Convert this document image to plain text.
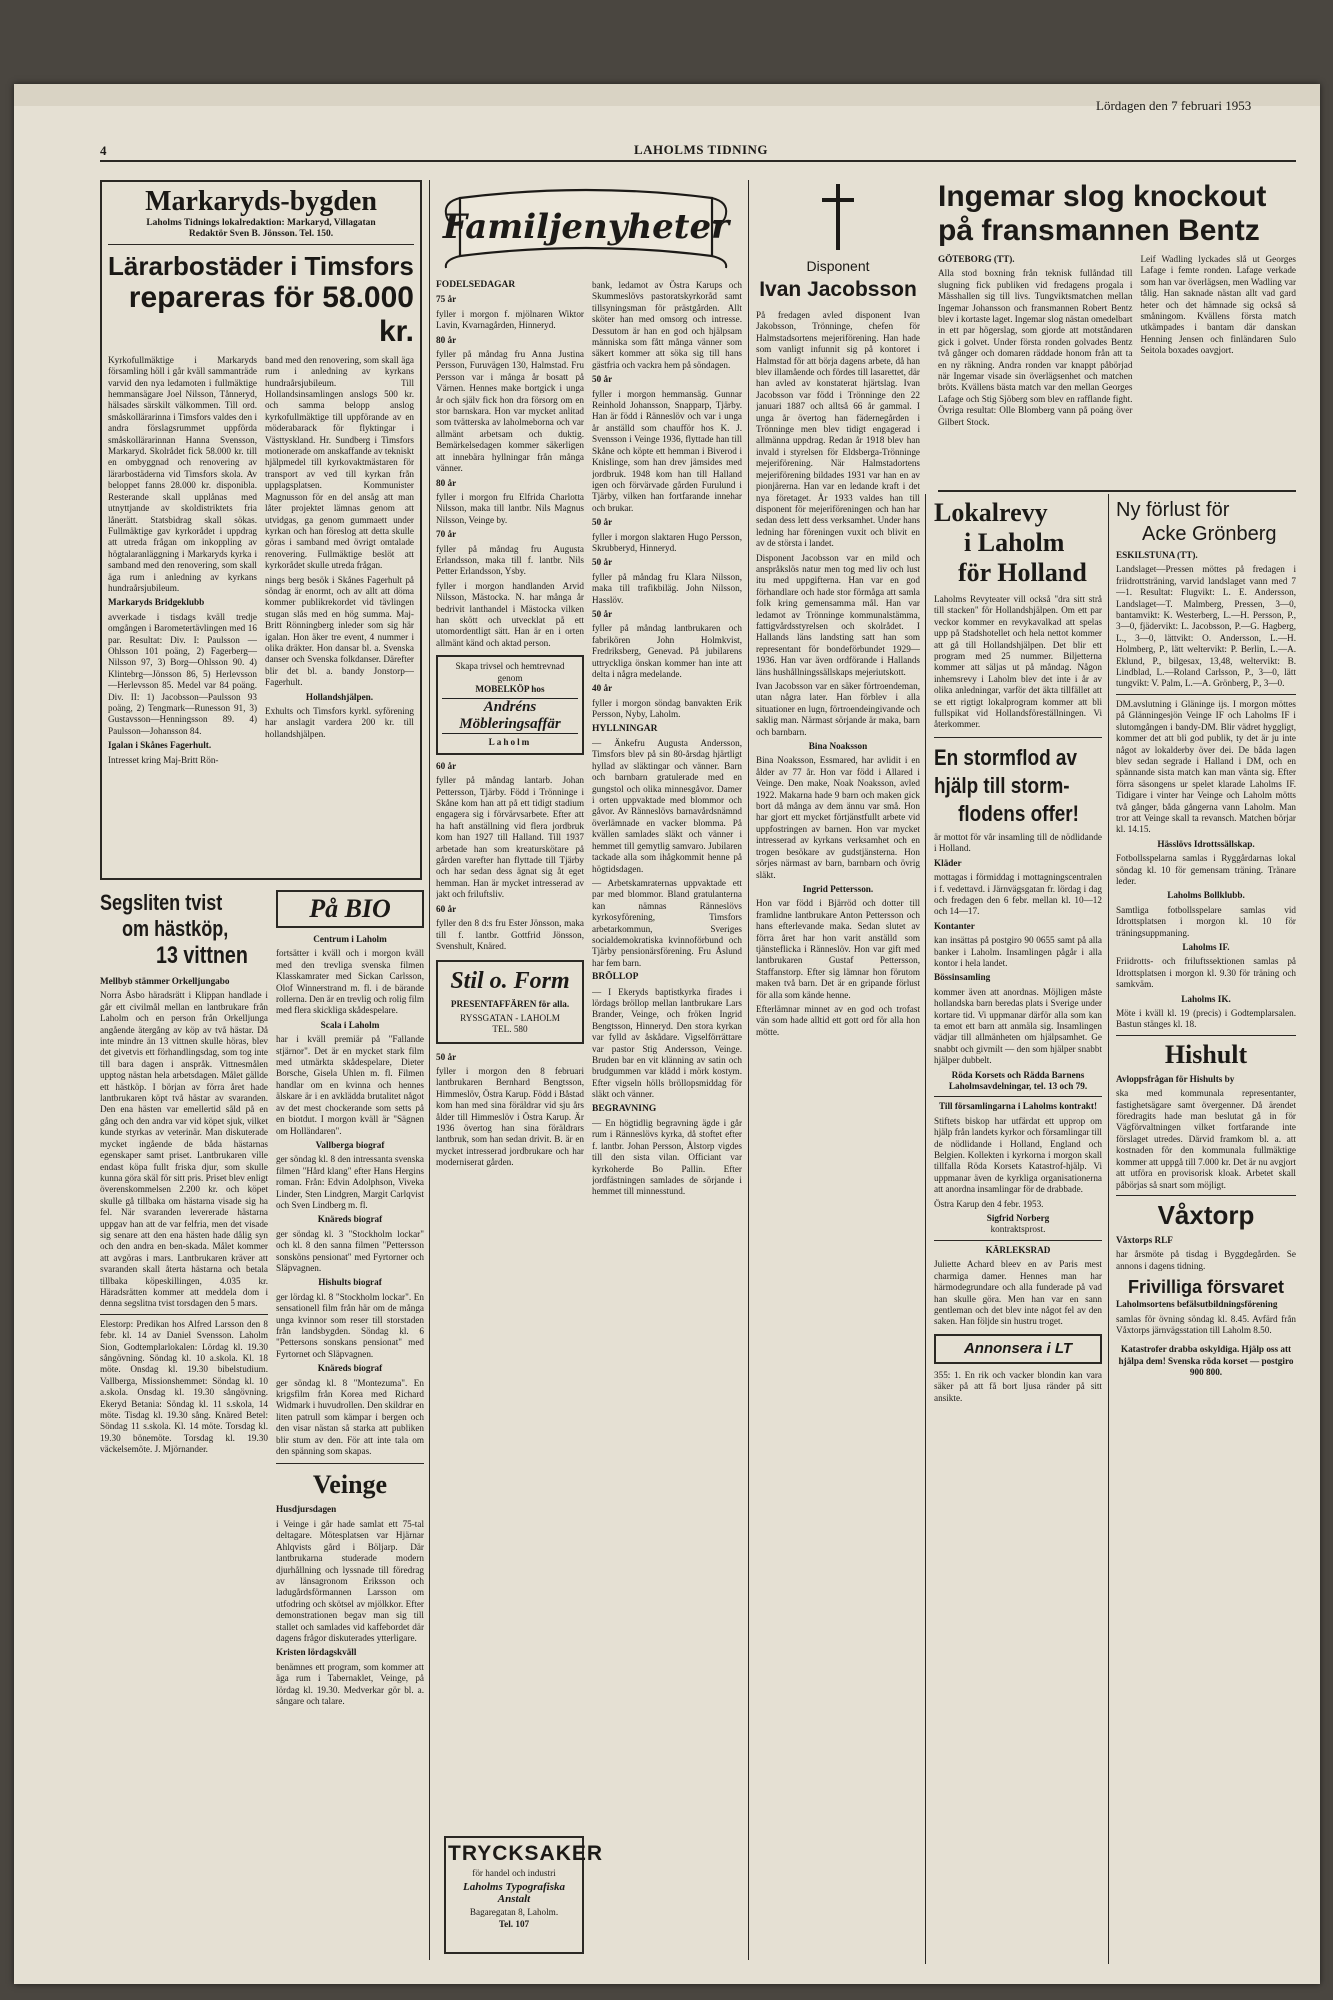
Lördagen den 7 februari 1953
LAHOLMS TIDNING
4
Markaryds-bygden
Laholms Tidnings lokalredaktion: Markaryd, Villagatan
Redaktör Sven B. Jönsson. Tel. 150.
Lärarbostäder i Timsfors
repareras för 58.000 kr.

Kyrkofullmäktige i Markaryds församling höll i går kväll sammanträde varvid den nya ledamoten i fullmäktige hemmansägare Joel Nilsson, Tånneryd, hälsades särskilt välkommen. Till ord. småskollärarinna i Timsfors valdes den i andra förslagsrummet uppförda småskollärarinnan Hanna Svensson, Markaryd. Skolrådet fick 58.000 kr. till en ombyggnad och renovering av lärarbostäderna vid Timsfors skola. Av beloppet fanns 28.000 kr. disponibla. Resterande skall upplånas med utnyttjande av skoldistriktets fria lånerätt. Statsbidrag skall sökas. Fullmäktige gav kyrkorådet i uppdrag att utreda frågan om inkoppling av högtalaranläggning i Markaryds kyrka i samband med den renovering, som skall äga rum i anledning av kyrkans hundraårsjubileum.

Markaryds Bridgeklubb

avverkade i tisdags kväll tredje omgången i Barometertävlingen med 16 par. Resultat: Div. I: Paulsson —Ohlsson 101 poäng, 2) Fagerberg—Nilsson 97, 3) Borg—Ohlsson 90. 4) Klintebrg—Jönsson 86, 5) Herlevsson—Herlevsson 85. Medel var 84 poäng. Div. II: 1) Jacobsson—Paulsson 93 poäng, 2) Tengmark—Runesson 91, 3) Gustavsson—Henningsson 89. 4) Paulsson—Johansson 84.

Igalan i Skånes Fagerhult.

Intresset kring Maj-Britt Rön-

band med den renovering, som skall äga rum i anledning av kyrkans hundraårsjubileum. Till Hollandsinsamlingen anslogs 500 kr. och samma belopp anslog kyrkofullmäktige till uppförande av en möderabarack för flyktingar i Västtyskland. Hr. Sundberg i Timsfors motionerade om anskaffande av tekniskt hjälpmedel till kyrkovaktmästaren för transport av ved till kyrkan från upplagsplatsen. Kommunister Magnusson för en del ansåg att man låter projektet lämnas genom att utvidgas, ga genom gummaett under kyrkan och han föreslog att detta skulle göras i samband med övrigt omtalade renovering. Fullmäktige beslöt att kyrkorådet skulle utreda frågan.

nings berg besök i Skånes Fagerhult på söndag är enormt, och av allt att döma kommer publikrekordet vid tävlingen stugan slås med en hög summa. Maj-Britt Rönningberg inleder som sig här igalan. Hon äker tre event, 4 nummer i olika dräkter. Hon dansar bl. a. Svenska danser och Svenska folkdanser. Därefter blir det bl. a. bandy Jonstorp—Fagerhult.

Hollandshjälpen.

Exhults och Timsfors kyrkl. syförening har anslagit vardera 200 kr. till hollandshjälpen.

Segsliten tvist
om hästköp,
13 vittnen

Mellbyb stämmer Orkelljungabo

Norra Åsbo häradsrätt i Klippan handlade i går ett civilmål mellan en lantbrukare från Laholm och en person från Orkelljunga angående ätergång av köp av två hästar. Då inte mindre än 13 vittnen skulle höras, blev det givetvis ett förhandlingsdag, som tog inte till bara dagen i anspråk. Vittnesmålen upptog nästan hela arbetsdagen. Målet gällde ett hästköp. I början av förra året hade lantbrukaren köpt två hästar av svaranden. Den ena hästen var emellertid såld på en gång och den andra var vid köpet sjuk, vilket kunde styrkas av veterinär. Man diskuterade mycket ingående de båda hästarnas egenskaper samt priset. Lantbrukaren ville endast köpa fullt friska djur, som skulle kunna göra skäl för sitt pris. Priset blev enligt överenskommelsen 2.200 kr. och köpet skulle gå tillbaka om hästarna visade sig ha fel. När svaranden levererade hästarna uppgav han att de var felfria, men det visade sig senare att den ena hästen hade dålig syn och den andra en ben-skada. Målet kommer att avgöras i mars. Lantbrukaren kräver att svaranden skall återta hästarna och betala tillbaka köpeskillingen, 4.035 kr. Häradsrätten kommer att meddela dom i denna segslitna tvist torsdagen den 5 mars.

Elestorp: Predikan hos Alfred Larsson den 8 febr. kl. 14 av Daniel Svensson. Laholm Sion, Godtemplarlokalen: Lördag kl. 19.30 sångövning. Söndag kl. 10 a.skola. Kl. 18 möte. Onsdag kl. 19.30 bibelstudium. Vallberga, Missionshemmet: Söndag kl. 10 a.skola. Onsdag kl. 19.30 sångövning. Ekeryd Betania: Söndag kl. 11 s.skola, 14 möte. Tisdag kl. 19.30 sång. Knäred Betel: Söndag 11 s.skola. Kl. 14 möte. Torsdag kl. 19.30 bönemöte. Torsdag kl. 19.30 väckelsemöte. J. Mjörnander.

På BIO

Centrum i Laholm

fortsätter i kväll och i morgon kväll med den trevliga svenska filmen Klasskamrater med Sickan Carlsson, Olof Winnerstrand m. fl. i de bärande rollerna. Den är en trevlig och rolig film med flera skickliga skådespelare.

Scala i Laholm

har i kväll premiär på "Fallande stjärnor". Det är en mycket stark film med utmärkta skådespelare, Dieter Borsche, Gisela Uhlen m. fl. Filmen handlar om en kvinna och hennes älskare är i en avklädda brutalitet något av det mest chockerande som setts på en biotdut. I morgon kväll är "Sägnen om Holländaren".

Vallberga biograf

ger söndag kl. 8 den intressanta svenska filmen "Hård klang" efter Hans Hergins roman. Från: Edvin Adolphson, Viveka Linder, Sten Lindgren, Margit Carlqvist och Sven Lindberg m. fl.

Knäreds biograf

ger söndag kl. 3 "Stockholm lockar" och kl. 8 den sanna filmen "Pettersson sonsköns pensionat" med Fyrtorner och Släpvagnen.

Hishults biograf

ger lördag kl. 8 "Stockholm lockar". En sensationell film från här om de många unga kvinnor som reser till storstaden från landsbygden. Söndag kl. 6 "Pettersons sonskans pensionat" med Fyrtornet och Släpvagnen.

Knäreds biograf

ger söndag kl. 8 "Montezuma". En krigsfilm från Korea med Richard Widmark i huvudrollen. Den skildrar en liten patrull som kämpar i bergen och den visar nästan så starka att publiken blir stum av den. För att inte tala om den spänning som skapas.

Veinge

Husdjursdagen

i Veinge i går hade samlat ett 75-tal deltagare. Mötesplatsen var Hjärnar Ahlqvists gård i Böljarp. Där lantbrukarna studerade modern djurhållning och lyssnade till föredrag av länsagronom Eriksson och ladugårdsförmannen Larsson om utfodring och skötsel av mjölkkor. Efter demonstrationen begav man sig till stallet och samlades vid kaffebordet där dagens frågor diskuterades ytterligare.

Kristen lördagskväll

benämnes ett program, som kommer att äga rum i Tabernaklet, Veinge, på lördag kl. 19.30. Medverkar gör bl. a. sångare och talare.

Familjenyheter

FÖDELSEDAGAR

75 år

fyller i morgon f. mjölnaren Wiktor Lavin, Kvarnagården, Hinneryd.

80 år

fyller på måndag fru Anna Justina Persson, Furuvägen 130, Halmstad. Fru Persson var i många år bosatt på Värnen. Hennes make bortgick i unga år och själv fick hon dra försorg om en stor barnskara. Hon var mycket anlitad som tvätterska av laholmeborna och var allmänt arbetsam och duktig. Bemärkelsedagen kommer säkerligen att innebära hyllningar från många vänner.

80 år

fyller i morgon fru Elfrida Charlotta Nilsson, maka till lantbr. Nils Magnus Nilsson, Veinge by.

70 år

fyller på måndag fru Augusta Erlandsson, maka till f. lantbr. Nils Petter Erlandsson, Ysby.

fyller i morgon handlanden Arvid Nilsson, Mästocka. N. har många år bedrivit lanthandel i Mästocka vilken han skött och utvecklat på ett utomordentligt sätt. Han är en i orten allmänt känd och aktad person.

Skapa trivsel och hemtrevnad genom
MOBELKÖP hos
Andréns Möbleringsaffär
Laholm

60 år

fyller på måndag lantarb. Johan Pettersson, Tjärby. Född i Trönninge i Skåne kom han att på ett tidigt stadium engagera sig i förvärvsarbete. Efter att ha haft anställning vid flera jordbruk kom han 1927 till Halland. Till 1937 arbetade han som kreaturskötare på gården varefter han flyttade till Tjärby och har sedan dess ägnat sig åt eget hemman. Han är mycket intresserad av jakt och friluftsliv.

60 år

fyller den 8 d:s fru Ester Jönsson, maka till f. lantbr. Gottfrid Jönsson, Svenshult, Knäred.

Stil o. Form
PRESENTAFFÄREN för alla.
RYSSGATAN - LAHOLM
TEL. 580

50 år

fyller i morgon den 8 februari lantbrukaren Bernhard Bengtsson, Himmeslöv, Östra Karup. Född i Båstad kom han med sina föräldrar vid sju års ålder till Himmeslöv i Östra Karup. Är 1936 övertog han sina föräldrars lantbruk, som han sedan drivit. B. är en mycket intresserad jordbrukare och har moderniserat gården.

bank, ledamot av Östra Karups och Skummeslövs pastoratskyrkoråd samt tillsyningsman för prästgården. Allt sköter han med omsorg och intresse. Dessutom är han en god och hjälpsam människa som fått många vänner som säkert kommer att söka sig till hans gästfria och vackra hem på söndagen.

50 år

fyller i morgon hemmansäg. Gunnar Reinhold Johansson, Snapparp, Tjärby. Han är född i Ränneslöv och var i unga år anställd som chaufför hos K. J. Svensson i Veinge 1936, flyttade han till Skåne och köpte ett hemman i Biverod i Knislinge, som han drev jämsides med jordbruk. 1948 kom han till Halland igen och förvärvade gården Furulund i Tjärby, vilken han fortfarande innehar och brukar.

50 år

fyller i morgon slaktaren Hugo Persson, Skrubberyd, Hinneryd.

50 år

fyller på måndag fru Klara Nilsson, maka till trafikbiläg. John Nilsson, Hasslöv.

50 år

fyller på måndag lantbrukaren och fabrikören John Holmkvist, Fredriksberg, Genevad. På jubilarens uttryckliga önskan kommer han inte att delta i några medelande.

40 år

fyller i morgon söndag banvakten Erik Persson, Nyby, Laholm.

HYLLNINGAR

— Änkefru Augusta Andersson, Timsfors blev på sin 80-årsdag hjärtligt hyllad av släktingar och vänner. Barn och barnbarn gratulerade med en gungstol och olika minnesgåvor. Damer i orten uppvaktade med blommor och gåvor. Av Ränneslövs barnavårdsnämnd överlämnade en vacker blomma. På kvällen samlades släkt och vänner i hemmet till gemytlig samvaro. Jubilaren tackade alla som ihågkommit henne på högtidsdagen.

— Arbetskamraternas uppvaktade ett par med blommor. Bland gratulanterna kan nämnas Ränneslövs kyrkosyförening, Timsfors arbetarkommun, Sveriges socialdemokratiska kvinnoförbund och Tjärby pensionärsförening. Fru Åslund har fem barn.

BRÖLLOP

— I Ekeryds baptistkyrka firades i lördags bröllop mellan lantbrukare Lars Brander, Veinge, och fröken Ingrid Bengtsson, Hinneryd. Den stora kyrkan var fylld av åskådare. Vigselförrättare var pastor Stig Andersson, Veinge. Bruden bar en vit klänning av satin och brudgummen var klädd i mörk kostym. Efter vigseln hölls bröllopsmiddag för släkt och vänner.

BEGRAVNING

— En högtidlig begravning ägde i går rum i Ränneslövs kyrka, då stoftet efter f. lantbr. Johan Persson, Ålstorp vigdes till den sista vilan. Officiant var kyrkoherde Bo Pallin. Efter jordfästningen samlades de sörjande i hemmet till minnesstund.

TRYCKSAKER
för handel och industri
Laholms Typografiska Anstalt
Bagaregatan 8, Laholm.
Tel. 107
Disponent
Ivan Jacobsson

På fredagen avled disponent Ivan Jakobsson, Trönninge, chefen för Halmstadsortens mejeriförening. Han hade som vanligt infunnit sig på kontoret i Halmstad för att börja dagens arbete, då han blev illamående och fördes till lasarettet, där han avled av konstaterat hjärtslag. Ivan Jacobsson var född i Trönninge den 22 januari 1887 och alltså 66 år gammal. I unga år övertog han fädernegården i Trönninge men blev tidigt engagerad i allmänna uppdrag. Redan år 1918 blev han invald i styrelsen för Eldsberga-Trönninge mejeriförening. När Halmstadortens mejeriförening bildades 1931 var han en av pionjärerna. Han var en ledande kraft i det nya företaget. År 1933 valdes han till disponent för mejeriföreningen och han har sedan dess lett dess verksamhet. Under hans ledning har föreningen vuxit och blivit en av de största i landet.

Disponent Jacobsson var en mild och anspråkslös natur men tog med liv och lust itu med uppgifterna. Han var en god förhandlare och hade stor förmåga att samla folk kring gemensamma mål. Han var ledamot av Trönninge kommunalstämma, fattigvårdsstyrelsen och skolrådet. I Hallands läns landsting satt han som representant för bondeförbundet 1929—1936. Han var även ordförande i Hallands läns hushållningssällskaps mejeriutskott.

Ivan Jacobsson var en säker förtroendeman, utan några later. Han förblev i alla situationer en lugn, förtroendeingivande och saklig man. Närmast sörjande är maka, barn och barnbarn.

Bina Noaksson

Bina Noaksson, Essmared, har avlidit i en ålder av 77 år. Hon var född i Allared i Veinge. Den make, Noak Noaksson, avled 1922. Makarna hade 9 barn och maken gick bort då många av dem ännu var små. Hon har gjort ett mycket förtjänstfullt arbete vid uppfostringen av barnen. Hon var mycket intresserad av kyrkans verksamhet och en trogen besökare av gudstjänsterna. Hon sörjes närmast av barn, barnbarn och övrig släkt.

Ingrid Pettersson.

Hon var född i Bjärröd och dotter till framlidne lantbrukare Anton Pettersson och hans efterlevande maka. Sedan slutet av förra året har hon varit anställd som tjänsteflicka i Ränneslöv. Hon var gift med lantbrukaren Gustaf Pettersson, Staffanstorp. Efter sig lämnar hon förutom maken två barn. Det är en gripande förlust för alla som kände henne.

Efterlämnar minnet av en god och trofast vän som hade alltid ett gott ord för alla hon mötte.

Ingemar slog knockout
på fransmannen Bentz

GÖTEBORG (TT).

Alla stod boxning från teknisk fullåndad till slugning fick publiken vid fredagens progala i Mässhallen sig till livs. Tungviktsmatchen mellan Ingemar Johansson och fransmannen Robert Bentz blev i kortaste laget. Ingemar slog nästan omedelbart in ett par högerslag, som gjorde att motståndaren gick i golvet. Under första ronden golvades Bentz två gånger och domaren räddade honom från att ta en ny räkning. Andra ronden var knappt påbörjad när Ingemar visade sin överlägsenhet och matchen bröts. Kvällens bästa match var den mellan Georges Lafage och Stig Sjöberg som blev en rafflande fight. Övriga resultat: Olle Blomberg vann på poäng över Gilbert Stock.

Leif Wadling lyckades slå ut Georges Lafage i femte ronden. Lafage verkade som han var överlägsen, men Wadling var tålig. Han saknade nästan allt vad gard heter och det hämnade sig också så småningom. Kvällens första match utkämpades i bantam där danskan Henning Jensen och finländaren Sulo Seitola boxades oavgjort.

Lokalrevy
i Laholm
för Holland

Laholms Revyteater vill också "dra sitt strå till stacken" för Hollandshjälpen. Om ett par veckor kommer en revykavalkad att spelas upp på Stadshotellet och hela nettot kommer att gå till Hollandshjälpen. Det blir ett program med 25 nummer. Biljetterna kommer att säljas ut på måndag. Någon inhemsrevy i Laholm blev det inte i år av olika anledningar, varför det äkta tillfället att se ett rigtigt lokalprogram kommer att bli fullspikat vid Hollandsföreställningen. Vi återkommer.

En stormflod av
hjälp till storm-
flodens offer!

är mottot för vår insamling till de nödlidande i Holland.

Kläder

mottagas i förmiddag i mottagningscentralen i f. vedettavd. i Järnvägsgatan fr. lördag i dag och fredagen den 6 febr. mellan kl. 10—12 och 14—17.

Kontanter

kan insättas på postgiro 90 0655 samt på alla banker i Laholm. Insamlingen pågår i alla kontor i hela landet.

Bössinsamling

kommer även att anordnas. Möjligen måste hollandska barn beredas plats i Sverige under kortare tid. Vi uppmanar därför alla som kan ta emot ett barn att anmäla sig. Insamlingen vädjar till allmänheten om hjälpsamhet. Ge snabbt och givmilt — den som hjälper snabbt hjälper dubbelt.

Röda Korsets och Rädda Barnens Laholmsavdelningar, tel. 13 och 79.

Till församlingarna i Laholms kontrakt!

Stiftets biskop har utfärdat ett upprop om hjälp från landets kyrkor och församlingar till de nödlidande i Holland, England och Belgien. Kollekten i kyrkorna i morgon skall tillfalla Röda Korsets Katastrof-hjälp. Vi uppmanar även de kyrkliga organisationerna att anordna insamlingar för de drabbade.

Östra Karup den 4 febr. 1953.

Sigfrid Norberg

kontraktsprost.

KÄRLEKSRAD

Juliette Achard bleev en av Paris mest charmiga damer. Hennes man har härmodegrundare och alla funderade på vad han skulle göra. Men han var en sann gentleman och det blev inte något fel av den saken. Han följde sin hustru troget.

Annonsera i LT

355: 1. En rik och vacker blondin kan vara säker på att få bort ljusa ränder på sitt ansikte.

Ny förlust för
Acke Grönberg

ESKILSTUNA (TT).

Landslaget—Pressen möttes på fredagen i friidrottsträning, varvid landslaget vann med 7—1. Resultat: Flugvikt: L. E. Andersson, Landslaget—T. Malmberg, Pressen, 3—0, bantamvikt: K. Westerberg, L.—H. Persson, P., 3—0, fjädervikt: L. Jacobsson, P.—G. Hagberg, L., 3—0, lättvikt: O. Andersson, L.—H. Holmberg, P., lätt weltervikt: P. Berlin, L.—A. Eklund, P., bilgesax, 13,48, weltervikt: B. Lindblad, L.—Roland Carlsson, P., 3—0, lätt tungvikt: V. Palm, L.—A. Grönberg, P., 3—0.

DM.avslutning i Gläninge ijs. I morgon möttes på Glänningesjön Veinge IF och Laholms IF i slutomgången i bandy-DM. Blir vädret hyggligt, kommer det att bli god publik, ty det är ju inte något av lokalderby över dei. De båda lagen blev sedan segrade i Halland i DM, och en spännande sista match kan man vänta sig. Efter förra säsongens ur spelet klarade Laholms IF. Tidigare i vinter har Veinge och Laholm mötts två gånger, båda gångerna vann Laholm. Man tror att Veinge skall ta revansch. Matchen börjar kl. 14.15.

Hässlövs Idrottssällskap.

Fotbollsspelarna samlas i Ryggårdarnas lokal söndag kl. 10 för gemensam träning. Tränare leder.

Laholms Bollklubb.

Samtliga fotbollsspelare samlas vid Idrottsplatsen i morgon kl. 10 för träningsuppmaning.

Laholms IF.

Friidrotts- och friluftssektionen samlas på Idrottsplatsen i morgon kl. 9.30 för träning och samkväm.

Laholms IK.

Möte i kväll kl. 19 (precis) i Godtemplarsalen. Bastun stänges kl. 18.

Hishult

Avloppsfrågan för Hishults by

ska med kommunala representanter, fastighetsägare samt övergenner. Då ärendet föredragits hade man beslutat gå in för Vägförvaltningen vilket fortfarande inte förslaget utredes. Därvid framkom bl. a. att kostnaden för den kommunala fullmäktige kommer att uppgå till 7.000 kr. Det är nu avgjort att utföra en provisorisk kloak. Arbetet skall påbörjas så snart som möjligt.

Våxtorp

Våxtorps RLF

har årsmöte på tisdag i Byggdegården. Se annons i dagens tidning.

Frivilliga försvaret

Laholmsortens befälsutbildningsförening

samlas för övning söndag kl. 8.45. Avfärd från Våxtorps järnvägsstation till Laholm 8.50.

Katastrofer drabba oskyldiga. Hjälp oss att hjälpa dem! Svenska röda korset — postgiro 900 800.
